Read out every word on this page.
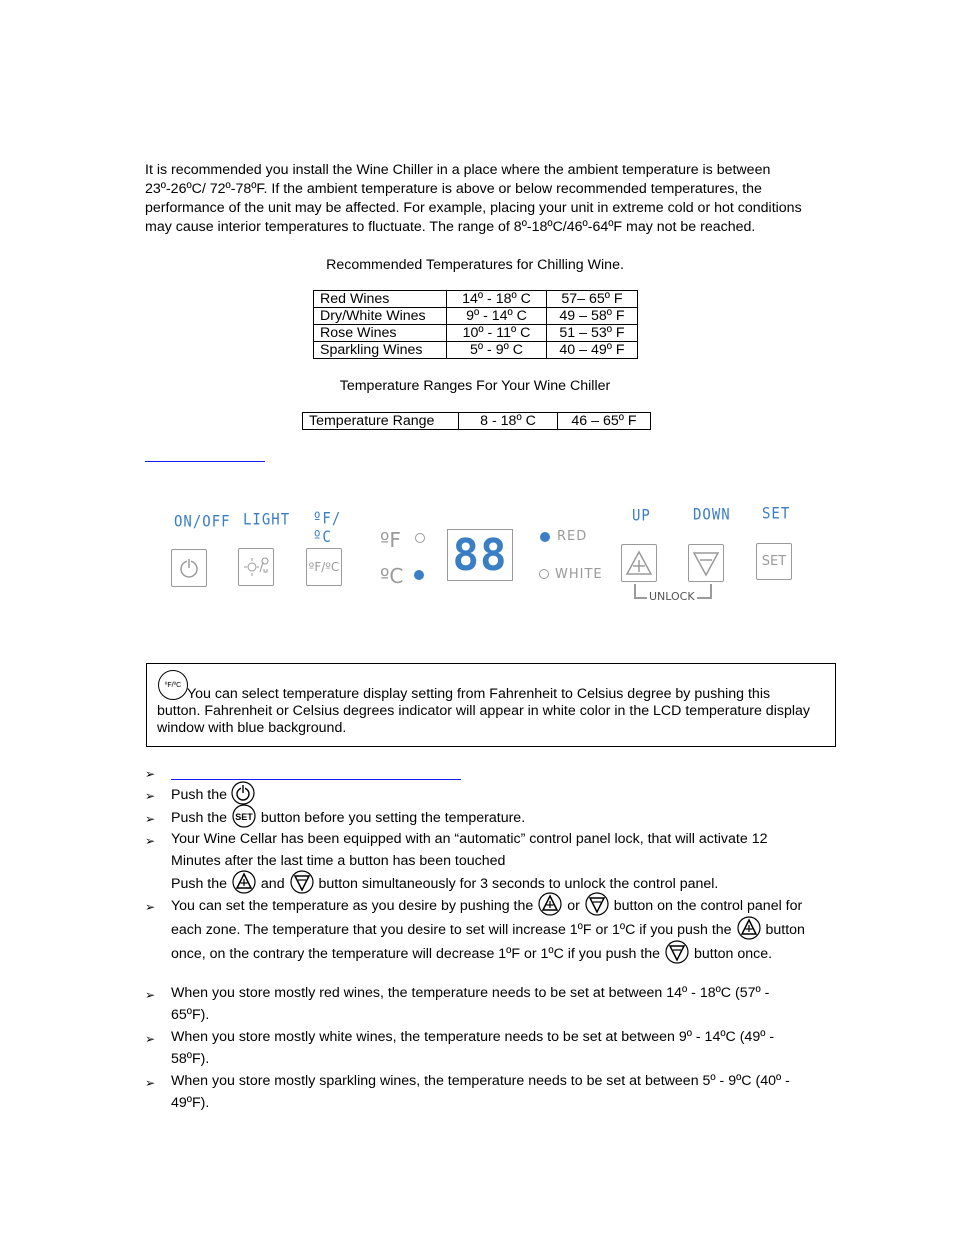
It is recommended you install the Wine Chiller in a place where the ambient temperature is between 23º-26ºC/ 72º-78ºF. If the ambient temperature is above or below recommended temperatures, the performance of the unit may be affected. For example, placing your unit in extreme cold or hot conditions may cause interior temperatures to fluctuate. The range of 8º-18ºC/46º-64ºF may not be reached.
Recommended Temperatures for Chilling Wine.
Red Wines	14º - 18º C	57– 65º F
Dry/White Wines	9º - 14º C	49 – 58º F
Rose Wines	10º - 11º C	51 – 53º F
Sparkling Wines	5º - 9º C	40 – 49º F
Temperature Ranges For Your Wine Chiller
Temperature Range	8 - 18º C	46 – 65º F
ON/OFF LIGHT ºF/ºC
UP	DOWN SET
ºF/ºC
ºF
ºC 88	RED
WHITE
SET
UNLOCK
ºF/ºC
You can select temperature display setting from Fahrenheit to Celsius degree by pushing this button. Fahrenheit or Celsius degrees indicator will appear in white color in the LCD temperature display window with blue background.
➢
➢ Push the
➢ Push the SET button before you setting the temperature.
➢ Your Wine Cellar has been equipped with an “automatic” control panel lock, that will activate 12 Minutes after the last time a button has been touched
Push the and button simultaneously for 3 seconds to unlock the control panel.
➢ You can set the temperature as you desire by pushing the or button on the control panel for each zone. The temperature that you desire to set will increase 1ºF or 1ºC if you push the button once, on the contrary the temperature will decrease 1ºF or 1ºC if you push the button once.
➢ When you store mostly red wines, the temperature needs to be set at between 14º - 18ºC (57º - 65ºF).
➢ When you store mostly white wines, the temperature needs to be set at between 9º - 14ºC (49º - 58ºF).
➢ When you store mostly sparkling wines, the temperature needs to be set at between 5º - 9ºC (40º - 49ºF).
